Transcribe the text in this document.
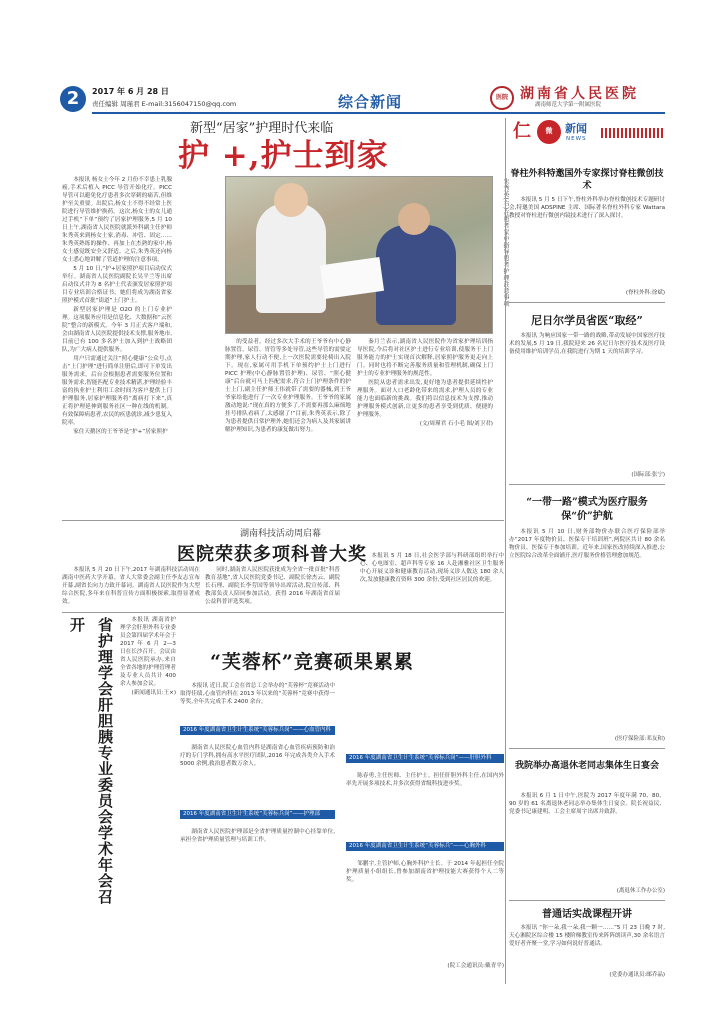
2	2017 年 6 月 28 日
责任编辑 周瑾君 E-mail:3156047150@qq.com	综合新闻	医院 湖南省人民医院
湖南师范大学第一附属医院
新型“居家”护理时代来临
护 +,护士到家

本报讯 杨女士今年 2 月份不幸患上乳腺癌,手术后植入 PICC 导管开始化疗。PICC 导管可以避免化疗患者多次穿刺的痛苦,但维护至关重要。出院后,杨女士不得不经常上医院进行导管维护换药。这次,杨女士的女儿通过手机“下单”预约了居家护理服务,5 月 10 日上午,湖南省人民医院就派外科副主任护师朱秀英来到杨女士家,消毒、冲管、固定……朱秀英熟练的操作、再加上在杰熟的家中,杨女士感觉既安全又舒适。之后,朱秀英还向杨女士悉心地讲解了管道护理的注意事项。

5 月 10 日,“护+居家照护项目启动仪式举行。湖南省人民医院副院长吴平兰等出席启动仪式并为 8 名护士代表颁发居家照护项目专业培训合格证书。她们将成为湖南省家照护模式首批“街道”上门护士。

新型居家护理是 O2O 的上门专业护理。这项服务应用是信息化、大数据和“云医院”整合的新模式。今年 3 月正式客户端和,会由湖南省人民医院提供技术支撑,服务地市,目前已有 100 多名护士加入到护士战略团队,为广大病人提供服务。

用户只需通过关注“照心健康”公众号,点击“上门护理”进行简单注册后,即可下单发出服务需求。后台会根据患者需要服务位置和服务需求,智能匹配专业技术精湛,护理经验丰富的执业护士利用工余时间为客户提供上门护理服务,居家护理服务将“离病打下来”,真正将护理延伸到服务社区一种在线的机制。有效保障病患者,农民的疾患就诊,减少患复入院率。

家住天鹅区的王爷爷是“护+”居家照护

的受益者。经过多次大手术的王爷爷有中心静脉置管、尿管、胃管等多处导管,这些导管的需要定期护理,家人行动不便,上一次医院需要轮椅出入院下。现在,家属可用手机下单预约护士上门进行 PICC 护理(中心静脉置管护理)、尿管、“照心健康”后台就可马上匹配需求,符合上门护理条件的护士上门,副主任护师王伟就带了需要的器械,到王爷爷家给他进行了一次专业护理服务。王爷爷的家属激动地说:“现在真的方便多了,不需要再那么麻烦地挂号排队看病了,太感谢了!”目前,朱秀英表示,除了为患者提供日常护理外,她们还会为病人及其家属讲解护理知识,为患者的康复做出努力。

秦月兰表示,湖南省人民医院作为省家护理培训指导医院,今后将对社区护士进行专业培训,使服务于上门服务能力的护士实现首次解释,居家照护服务更走向上门。同时也将不断完善服务质量和管理机制,确保上门护士的专业护理服务的规范性。

医院从患者需求出发,更好地为患者提供延续性护理服务。面对人口老龄化带来的需求,护理人员的专业能力也面临新的挑战。我们将以信息技术为支撑,推动护理服务模式创新,让更多的患者享受到优质、便捷的护理服务。

(文/周瑾君 石小毛 图/刘卫君)

湖南科技活动周启幕
医院荣获多项科普大奖

本报讯 5 月 20 日下午,2017 年湖南科技活动周在湖南中医药大学开幕。省人大常委会副主任李友志宣布开幕,副省长向力力致开幕词。湖南省人民医院作为大型综合医院,多年来在科普宣传方面积极探索,取得显著成效。

同时,湖南省人民医院获批成为全省一批首批“科普教育基地”,省人民医院党委书记、副院长徐杰云、副院长石理、副院长李劳国等领导出席活动,院宣传部、科教部负责人陪同参加活动。获得 2016 年湖南省首届公益科普评选奖项。

本报讯 5 月 18 日,社会医学部与科研部组织举行中心、心电图室、超声科等专家 16 人赴湘雅社区卫生服务中心开展义诊和健康教育活动,现场义诊人数达 180 余人次,发放健康教育资料 300 余份,受到社区居民的欢迎。

省护理学会肝胆胰专业委员会学术年会召开	本报讯 湖南省护理学会肝胆外科专业委员会第四届学术年会于 2017 年 6 月 2—3 日在长沙召开。会议由省人民医院承办,来自全省各地的护理管理者及专业人员共计 400 余人参加会议。

(新闻通讯员:王×)

“芙蓉杯”竞赛硕果累累

本报讯 近日,院工会在省总工会举办的“芙蓉杯”竞赛活动中取得佳绩,心血管内科在 2013 年以来的“芙蓉杯”竞赛中获得一等奖,全年共完成手术 2400 余台。

2016 年度湖南省卫生计生系统“芙蓉标兵岗”——心血管内科

湖南省人民医院心血管内科是湖南省心血管疾病预防和治疗的专门学科,拥有高水平医疗团队,2016 年完成各类介入手术 5000 余例,救治患者数万余人。

2016 年度湖南省卫生计生系统“芙蓉标兵岗”——护理部

湖南省人民医院护理部是全省护理质量控制中心挂靠单位,承担全省护理质量管理与培训工作。

2016 年度湖南省卫生计生系统“芙蓉标兵岗”——肝胆外科

陈春勇,主任医师、主任护士。担任肝胆外科主任,在国内外率先开展多项技术,并多次获得省级科技进步奖。

2016 年度湖南省卫生计生系统“芙蓉标兵”——心胸外科

邹鹏宇,主管护师,心胸外科护士长。于 2014 年起担任全院护理质量小组组长,曾参加湖南省护理技能大赛获得个人二等奖。

(院工会通讯员:戴青平)
仁	微	新闻
NEWS
脊柱外科特邀国外专家探讨脊柱微创技术

本报讯 5 月 5 日下午,脊柱外科举办脊柱微创技术专题研讨会,特邀美国 ADSPINE 主席、国际著名脊柱外科专家 Wattara 教授对脊柱进行微创内镜技术进行了深入探讨。

(脊柱外科:徐斌)
尼日尔学员省医“取经”

本报讯 为响应国家一带一路的战略,带动发展中国家医疗技术的发展,5 月 19 日,我院迎来 26 名尼日尔医疗技术及医疗设备使用维护培训学员,在我院进行为期 1 天的培训学习。

(国际部:张宁)
“一带一路”模式为医疗服务保“价”护航

本报讯 5 月 10 日,财务部物价办联合医疗保险部举办“2017 年度物价员、医保专干培训班”,两院区共计 80 余名物价员、医保专干参加培训。近年来,国家医改持续深入推进,公立医院综合改革全面铺开,医疗服务价格管理愈加规范。

(医疗保险部:邓友和)
我院举办高退休老同志集体生日宴会

本报讯 6 月 1 日中午,医院为 2017 年度年满 70、80、90 岁的 61 名离退休老同志举办集体生日宴会。院长祝益民、党委书记康建明、工会主席周宇出席并致辞。

(离退休工作办公室)
普通话实战课程开讲

本报讯 “你一朵,我一朵,我一颗一……”5 月 23 日晚 7 时,天心湘院区综合楼 15 楼阶梯教室传来阵阵朗读声,30 余名语言爱好者齐聚一堂,学习如何说好普通话。

(党委办通讯员:邮乔晶)
